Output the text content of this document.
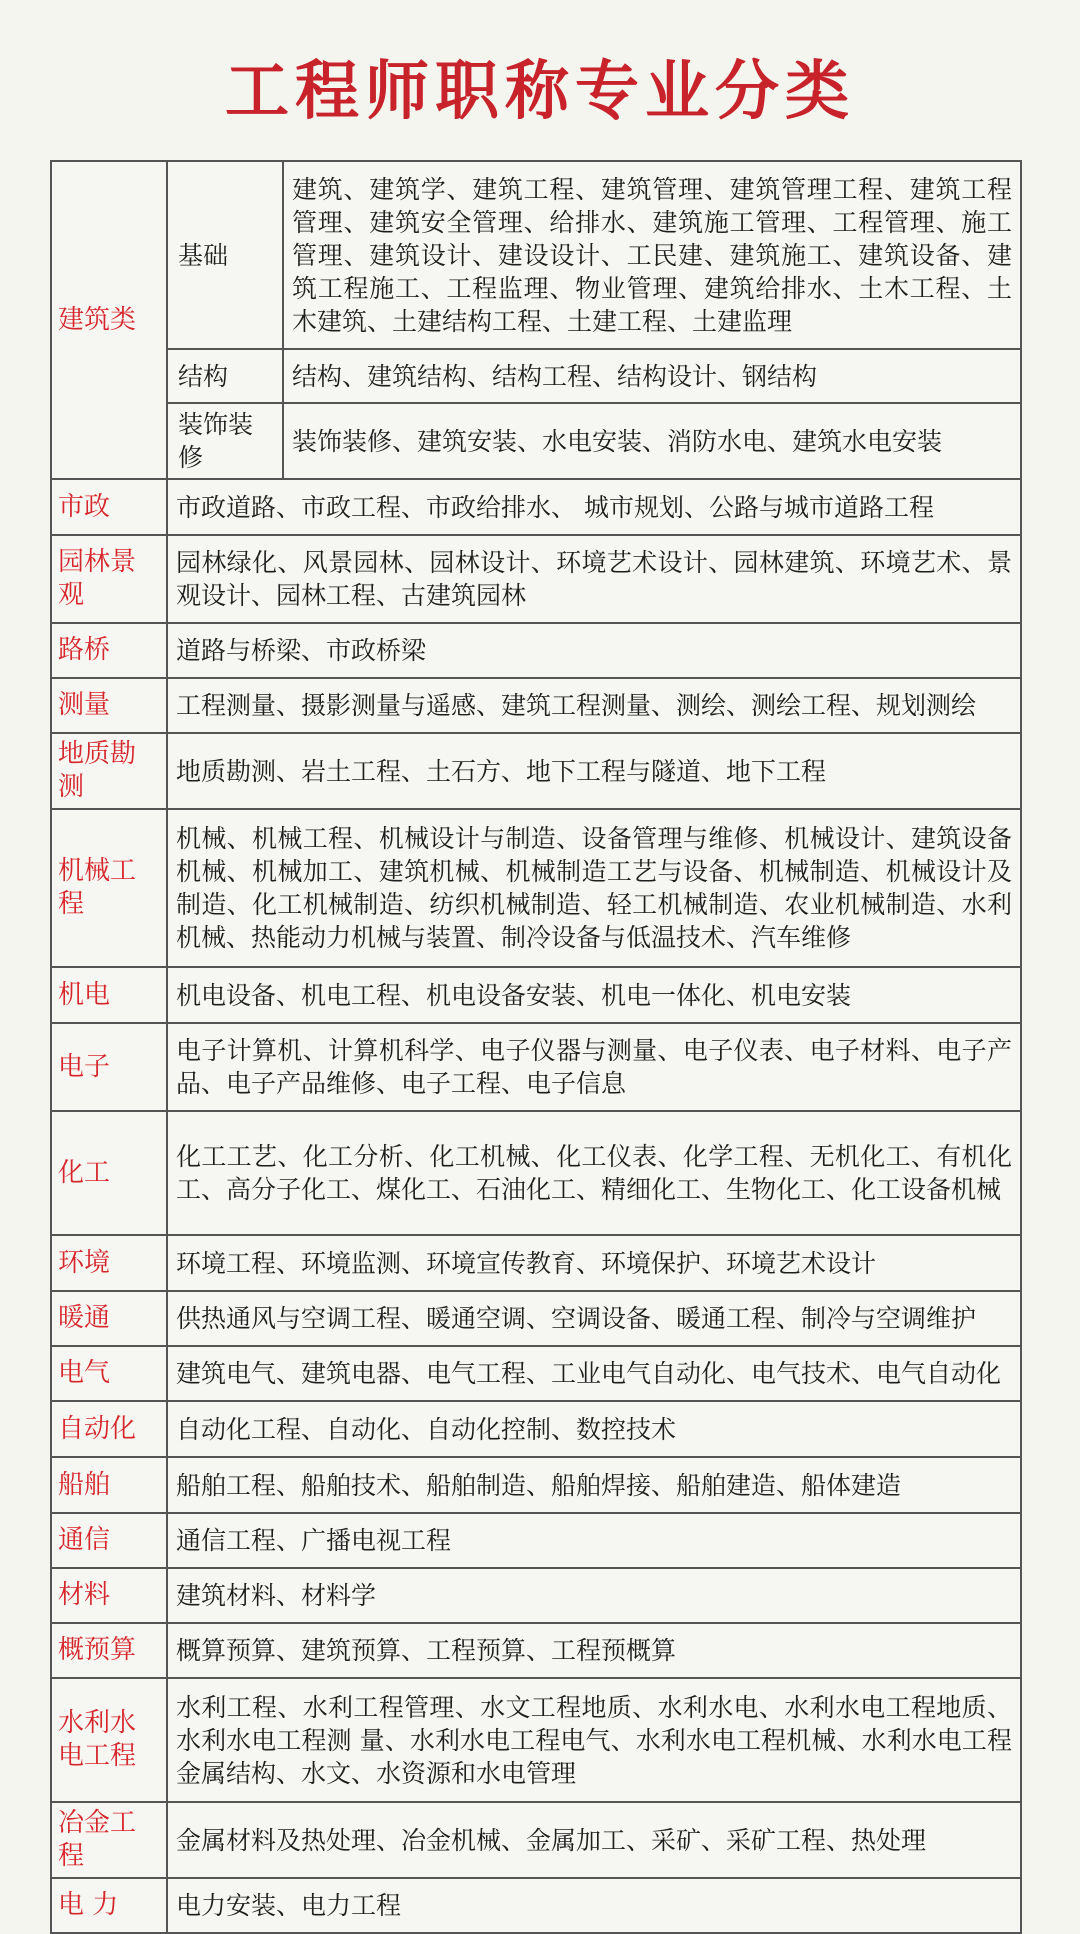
工程师职称专业分类
建筑类	基础	建筑、建筑学、建筑工程、建筑管理、建筑管理工程、建筑工程管理、建筑安全管理、给排水、建筑施工管理、工程管理、施工管理、建筑设计、建设设计、工民建、建筑施工、建筑设备、建筑工程施工、工程监理、物业管理、建筑给排水、土木工程、土木建筑、土建结构工程、土建工程、土建监理
	结构	结构、建筑结构、结构工程、结构设计、钢结构
	装饰装修	装饰装修、建筑安装、水电安装、消防水电、建筑水电安装
市政	市政道路、市政工程、市政给排水、 城市规划、公路与城市道路工程	
园林景观	园林绿化、风景园林、园林设计、环境艺术设计、园林建筑、环境艺术、景观设计、园林工程、古建筑园林	
路桥	道路与桥梁、市政桥梁	
测量	工程测量、摄影测量与遥感、建筑工程测量、测绘、测绘工程、规划测绘	
地质勘测	地质勘测、岩土工程、土石方、地下工程与隧道、地下工程	
机械工程	机械、机械工程、机械设计与制造、设备管理与维修、机械设计、建筑设备机械、机械加工、建筑机械、机械制造工艺与设备、机械制造、机械设计及制造、化工机械制造、纺织机械制造、轻工机械制造、农业机械制造、水利机械、热能动力机械与装置、制冷设备与低温技术、汽车维修	
机电	机电设备、机电工程、机电设备安装、机电一体化、机电安装	
电子	电子计算机、计算机科学、电子仪器与测量、电子仪表、电子材料、电子产品、电子产品维修、电子工程、电子信息	
化工	化工工艺、化工分析、化工机械、化工仪表、化学工程、无机化工、有机化工、高分子化工、煤化工、石油化工、精细化工、生物化工、化工设备机械	
环境	环境工程、环境监测、环境宣传教育、环境保护、环境艺术设计	
暖通	供热通风与空调工程、暖通空调、空调设备、暖通工程、制冷与空调维护	
电气	建筑电气、建筑电器、电气工程、工业电气自动化、电气技术、电气自动化	
自动化	自动化工程、自动化、自动化控制、数控技术	
船舶	船舶工程、船舶技术、船舶制造、船舶焊接、船舶建造、船体建造	
通信	通信工程、广播电视工程	
材料	建筑材料、材料学	
概预算	概算预算、建筑预算、工程预算、工程预概算	
水利水电工程	水利工程、水利工程管理、水文工程地质、水利水电、水利水电工程地质、水利水电工程测 量、水利水电工程电气、水利水电工程机械、水利水电工程金属结构、水文、水资源和水电管理	
冶金工程	金属材料及热处理、冶金机械、金属加工、采矿、采矿工程、热处理	
电 力	电力安装、电力工程	
